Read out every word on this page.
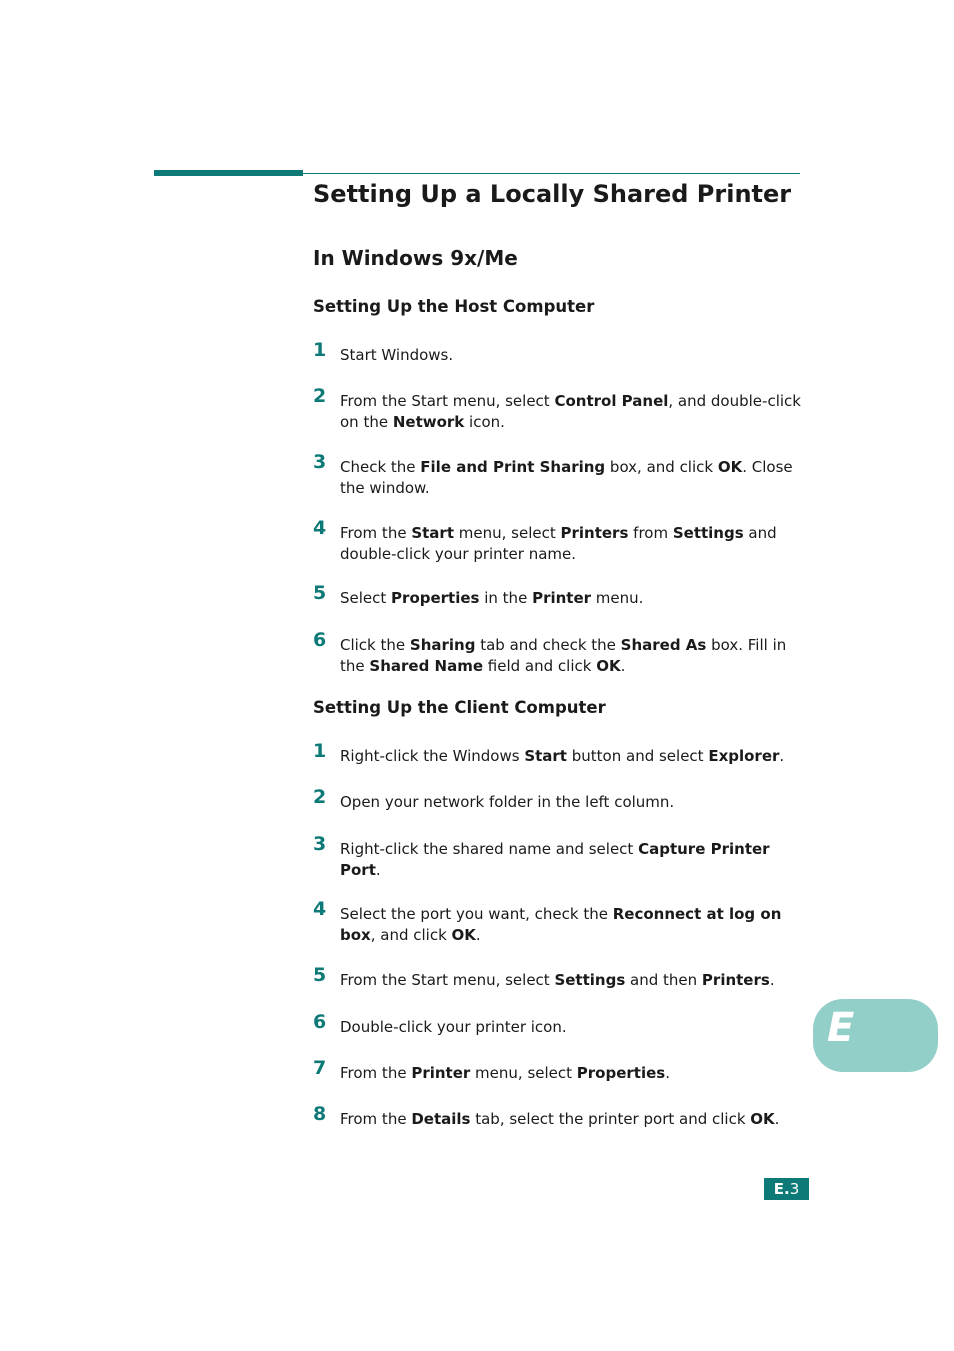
Setting Up a Locally Shared Printer
In Windows 9x/Me
Setting Up the Host Computer
1 Start Windows.
2 From the Start menu, select Control Panel, and double-click on the Network icon.
3 Check the File and Print Sharing box, and click OK. Close the window.
4 From the Start menu, select Printers from Settings and double-click your printer name.
5 Select Properties in the Printer menu.
6 Click the Sharing tab and check the Shared As box. Fill in the Shared Name field and click OK.
Setting Up the Client Computer
1 Right-click the Windows Start button and select Explorer.
2 Open your network folder in the left column.
3 Right-click the shared name and select Capture Printer Port.
4 Select the port you want, check the Reconnect at log on box, and click OK.
5 From the Start menu, select Settings and then Printers.
6 Double-click your printer icon.
7 From the Printer menu, select Properties.
8 From the Details tab, select the printer port and click OK.
E
E.3
